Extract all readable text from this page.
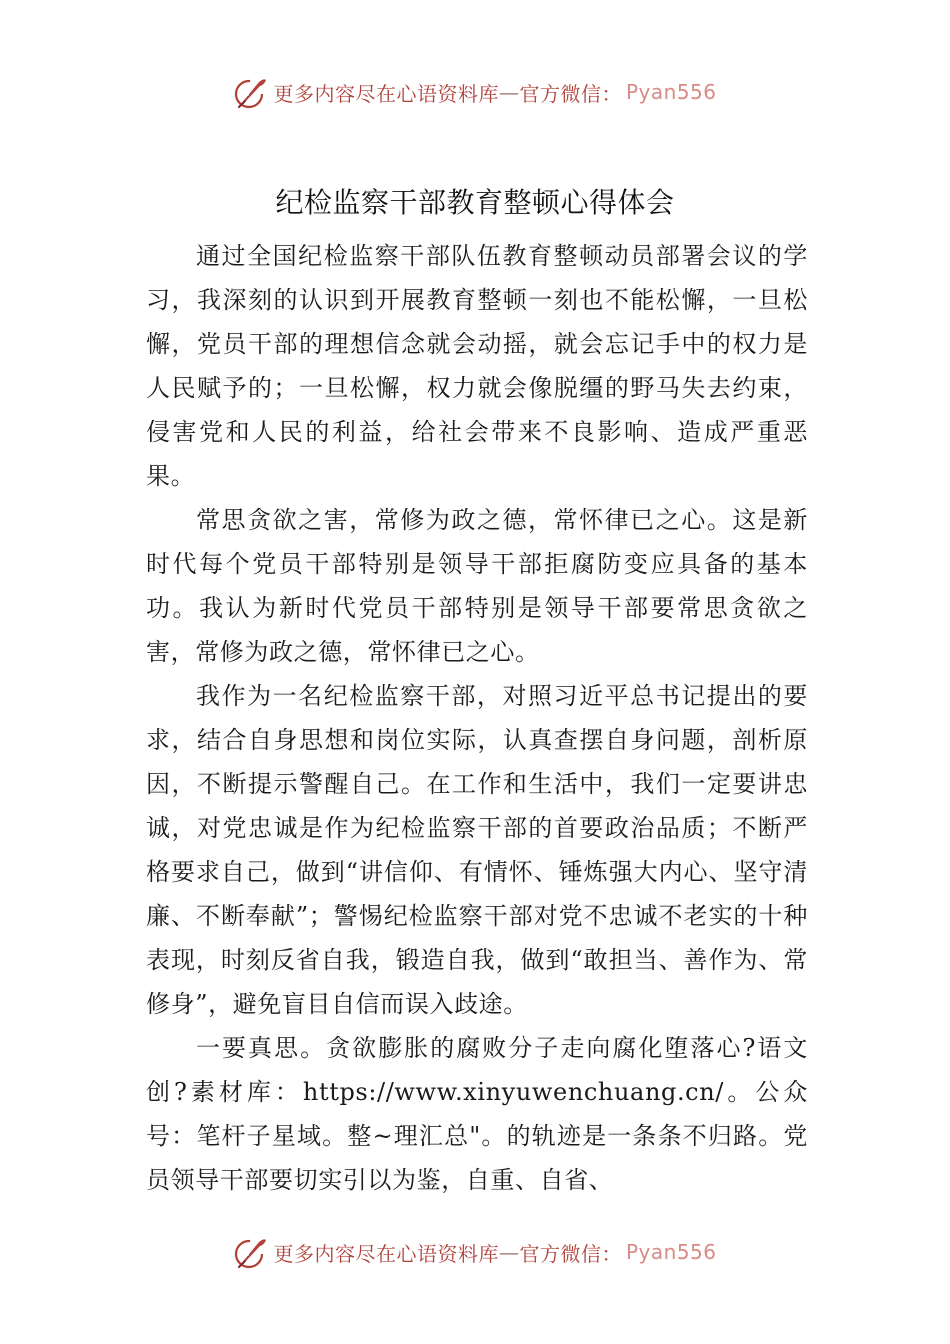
更多内容尽在心语资料库 — 官方微信： Pyan556
纪检监察干部教育整顿心得体会

通过全国纪检监察干部队伍教育整顿动员部署会议的学习，我深刻的认识到开展教育整顿一刻也不能松懈，一旦松懈，党员干部的理想信念就会动摇，就会忘记手中的权力是人民赋予的；一旦松懈，权力就会像脱缰的野马失去约束，侵害党和人民的利益，给社会带来不良影响、造成严重恶果。

常思贪欲之害，常修为政之德，常怀律已之心。这是新时代每个党员干部特别是领导干部拒腐防变应具备的基本功。我认为新时代党员干部特别是领导干部要常思贪欲之害，常修为政之德，常怀律已之心。

我作为一名纪检监察干部，对照习近平总书记提出的要求，结合自身思想和岗位实际，认真查摆自身问题，剖析原因，不断提示警醒自己。在工作和生活中，我们一定要讲忠诚，对党忠诚是作为纪检监察干部的首要政治品质；不断严格要求自己，做到“讲信仰、有情怀、锤炼强大内心、坚守清廉、不断奉献”；警惕纪检监察干部对党不忠诚不老实的十种表现，时刻反省自我，锻造自我，做到“敢担当、善作为、常修身”，避免盲目自信而误入歧途。

一要真思。贪欲膨胀的腐败分子走向腐化堕落心?语文创?素材库：https://www.xinyuwenchuang.cn/。公众号：笔杆子星域。整~理汇总"。的轨迹是一条条不归路。党员领导干部要切实引以为鉴，自重、自省、

更多内容尽在心语资料库 — 官方微信： Pyan556
